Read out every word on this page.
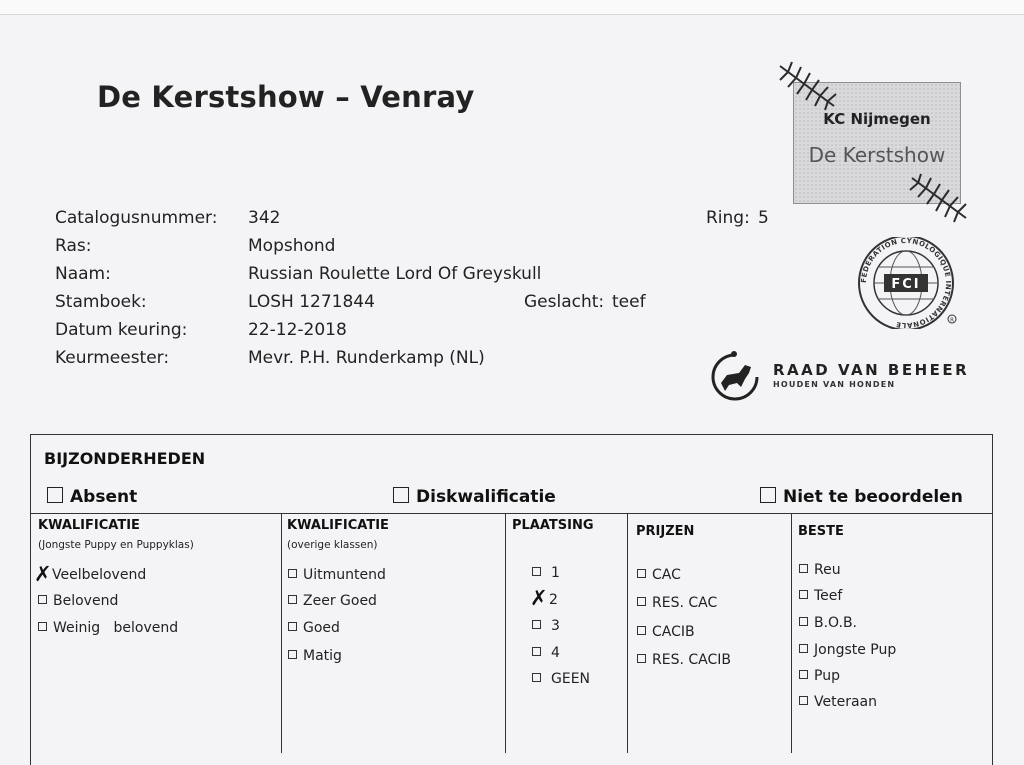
De Kerstshow – Venray
KC Nijmegen
De Kerstshow
Catalogusnummer: 342	Ring: 5
Ras:	Mopshond
Naam:	Russian Roulette Lord Of Greyskull
Stamboek:	LOSH 1271844	Geslacht: teef
Datum keuring:	22-12-2018
Keurmeester:	Mevr. P.H. Runderkamp (NL)
FCI
FEDERATION CYNOLOGIQUE INTERNATIONALE	R
RAAD VAN BEHEER
HOUDEN VAN HONDEN
BIJZONDERHEDEN
Absent	Diskwalificatie	Niet te beoordelen
KWALIFICATIE
(Jongste Puppy en Puppyklas)
Veelbelovend
✗
Belovend
Weinig   belovend
KWALIFICATIE
(overige klassen)
Uitmuntend
Zeer Goed
Goed
Matig
PLAATSING
1
✗ 2
3
4
GEEN
PRIJZEN
CAC
RES. CAC
CACIB
RES. CACIB
BESTE
Reu
Teef
B.O.B.
Jongste Pup
Pup
Veteraan
